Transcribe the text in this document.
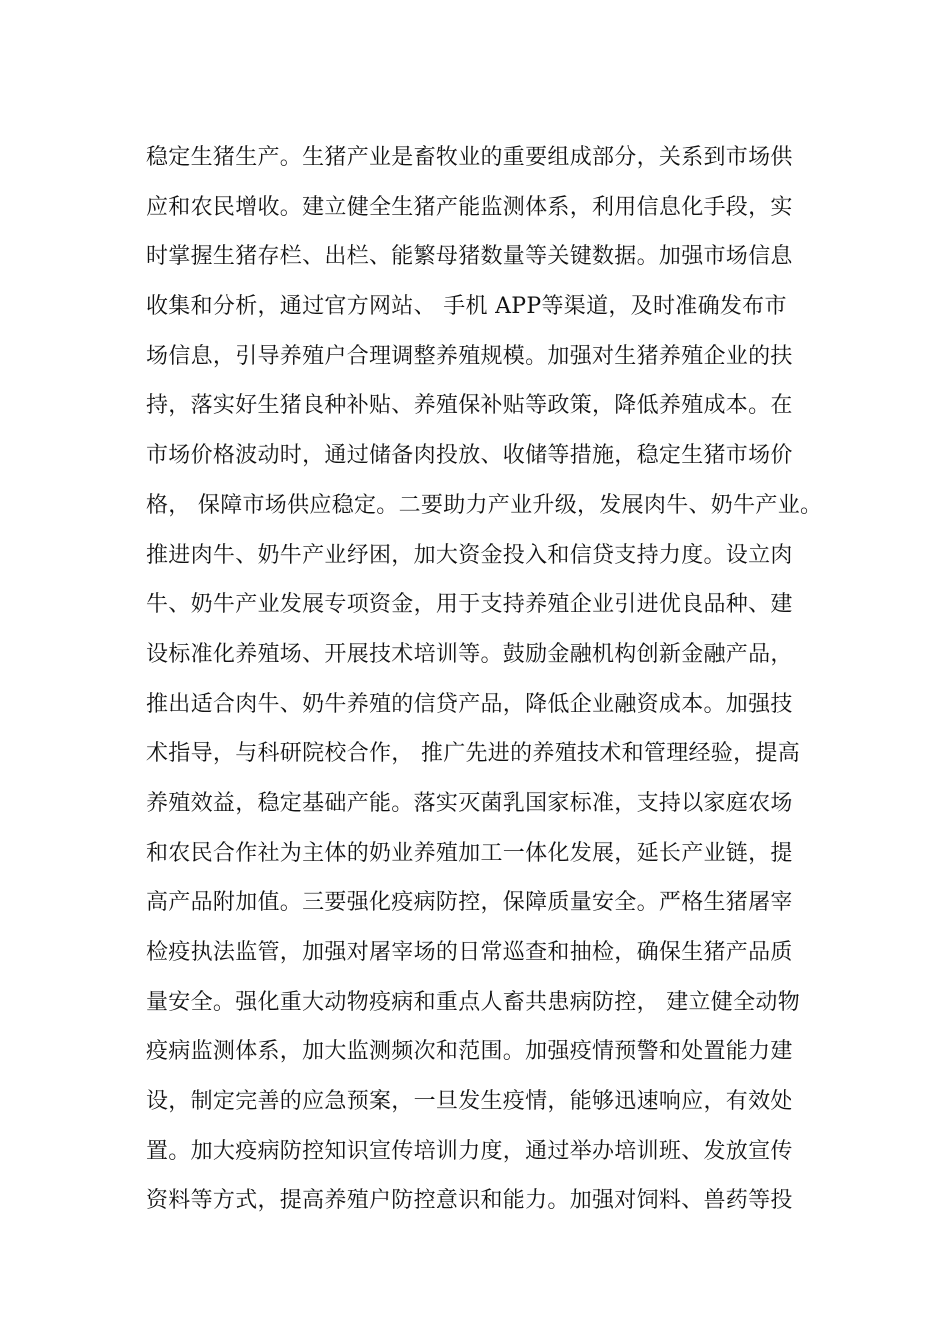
稳定生猪生产。生猪产业是畜牧业的重要组成部分，关系到市场供
应和农民增收。建立健全生猪产能监测体系，利用信息化手段，实
时掌握生猪存栏、出栏、能繁母猪数量等关键数据。加强市场信息
收集和分析，通过官方网站、 手机 APP等渠道，及时准确发布市
场信息，引导养殖户合理调整养殖规模。加强对生猪养殖企业的扶
持，落实好生猪良种补贴、养殖保补贴等政策，降低养殖成本。在
市场价格波动时，通过储备肉投放、收储等措施，稳定生猪市场价
格， 保障市场供应稳定。二要助力产业升级，发展肉牛、奶牛产业。
推进肉牛、奶牛产业纾困，加大资金投入和信贷支持力度。设立肉
牛、奶牛产业发展专项资金，用于支持养殖企业引进优良品种、建
设标准化养殖场、开展技术培训等。鼓励金融机构创新金融产品，
推出适合肉牛、奶牛养殖的信贷产品，降低企业融资成本。加强技
术指导，与科研院校合作， 推广先进的养殖技术和管理经验，提高
养殖效益，稳定基础产能。落实灭菌乳国家标准，支持以家庭农场
和农民合作社为主体的奶业养殖加工一体化发展，延长产业链，提
高产品附加值。三要强化疫病防控，保障质量安全。严格生猪屠宰
检疫执法监管，加强对屠宰场的日常巡查和抽检，确保生猪产品质
量安全。强化重大动物疫病和重点人畜共患病防控， 建立健全动物
疫病监测体系，加大监测频次和范围。加强疫情预警和处置能力建
设，制定完善的应急预案，一旦发生疫情，能够迅速响应，有效处
置。加大疫病防控知识宣传培训力度，通过举办培训班、发放宣传
资料等方式，提高养殖户防控意识和能力。加强对饲料、兽药等投
